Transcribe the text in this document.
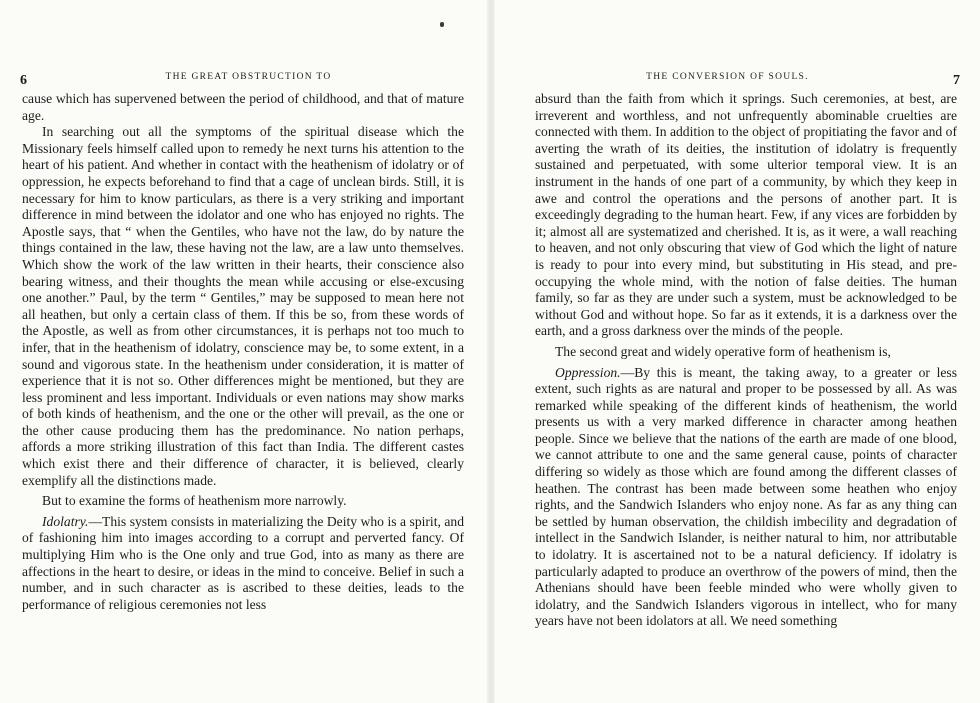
6	THE GREAT OBSTRUCTION TO

cause which has supervened between the period of childhood, and that of mature age.

In searching out all the symptoms of the spiritual disease which the Missionary feels himself called upon to remedy he next turns his attention to the heart of his patient. And whether in contact with the heathenism of idolatry or of oppression, he expects beforehand to find that a cage of unclean birds. Still, it is necessary for him to know particulars, as there is a very striking and important difference in mind between the idolator and one who has enjoyed no rights. The Apostle says, that “ when the Gentiles, who have not the law, do by nature the things contained in the law, these having not the law, are a law unto themselves. Which show the work of the law written in their hearts, their conscience also bearing witness, and their thoughts the mean while accusing or else-excusing one another.” Paul, by the term “ Gentiles,” may be supposed to mean here not all heathen, but only a certain class of them. If this be so, from these words of the Apostle, as well as from other circumstances, it is perhaps not too much to infer, that in the heathenism of idolatry, conscience may be, to some extent, in a sound and vigorous state. In the heathenism under consideration, it is matter of experience that it is not so. Other differences might be mentioned, but they are less prominent and less important. Individuals or even nations may show marks of both kinds of heathenism, and the one or the other will prevail, as the one or the other cause producing them has the predominance. No nation perhaps, affords a more striking illustration of this fact than India. The different castes which exist there and their difference of character, it is believed, clearly exemplify all the distinctions made.

But to examine the forms of heathenism more narrowly.

Idolatry.—This system consists in materializing the Deity who is a spirit, and of fashioning him into images according to a corrupt and perverted fancy. Of multiplying Him who is the One only and true God, into as many as there are affections in the heart to desire, or ideas in the mind to conceive. Belief in such a number, and in such character as is ascribed to these deities, leads to the performance of religious ceremonies not less

THE CONVERSION OF SOULS.	7

absurd than the faith from which it springs. Such ceremonies, at best, are irreverent and worthless, and not unfrequently abominable cruelties are connected with them. In addition to the object of propitiating the favor and of averting the wrath of its deities, the institution of idolatry is frequently sustained and perpetuated, with some ulterior temporal view. It is an instrument in the hands of one part of a community, by which they keep in awe and control the operations and the persons of another part. It is exceedingly degrading to the human heart. Few, if any vices are forbidden by it; almost all are systematized and cherished. It is, as it were, a wall reaching to heaven, and not only obscuring that view of God which the light of nature is ready to pour into every mind, but substituting in His stead, and pre-occupying the whole mind, with the notion of false deities. The human family, so far as they are under such a system, must be acknowledged to be without God and without hope. So far as it extends, it is a darkness over the earth, and a gross darkness over the minds of the people.

The second great and widely operative form of heathenism is,

Oppression.—By this is meant, the taking away, to a greater or less extent, such rights as are natural and proper to be possessed by all. As was remarked while speaking of the different kinds of heathenism, the world presents us with a very marked difference in character among heathen people. Since we believe that the nations of the earth are made of one blood, we cannot attribute to one and the same general cause, points of character differing so widely as those which are found among the different classes of heathen. The contrast has been made between some heathen who enjoy rights, and the Sandwich Islanders who enjoy none. As far as any thing can be settled by human observation, the childish imbecility and degradation of intellect in the Sandwich Islander, is neither natural to him, nor attributable to idolatry. It is ascertained not to be a natural deficiency. If idolatry is particularly adapted to produce an overthrow of the powers of mind, then the Athenians should have been feeble minded who were wholly given to idolatry, and the Sandwich Islanders vigorous in intellect, who for many years have not been idolators at all. We need something
